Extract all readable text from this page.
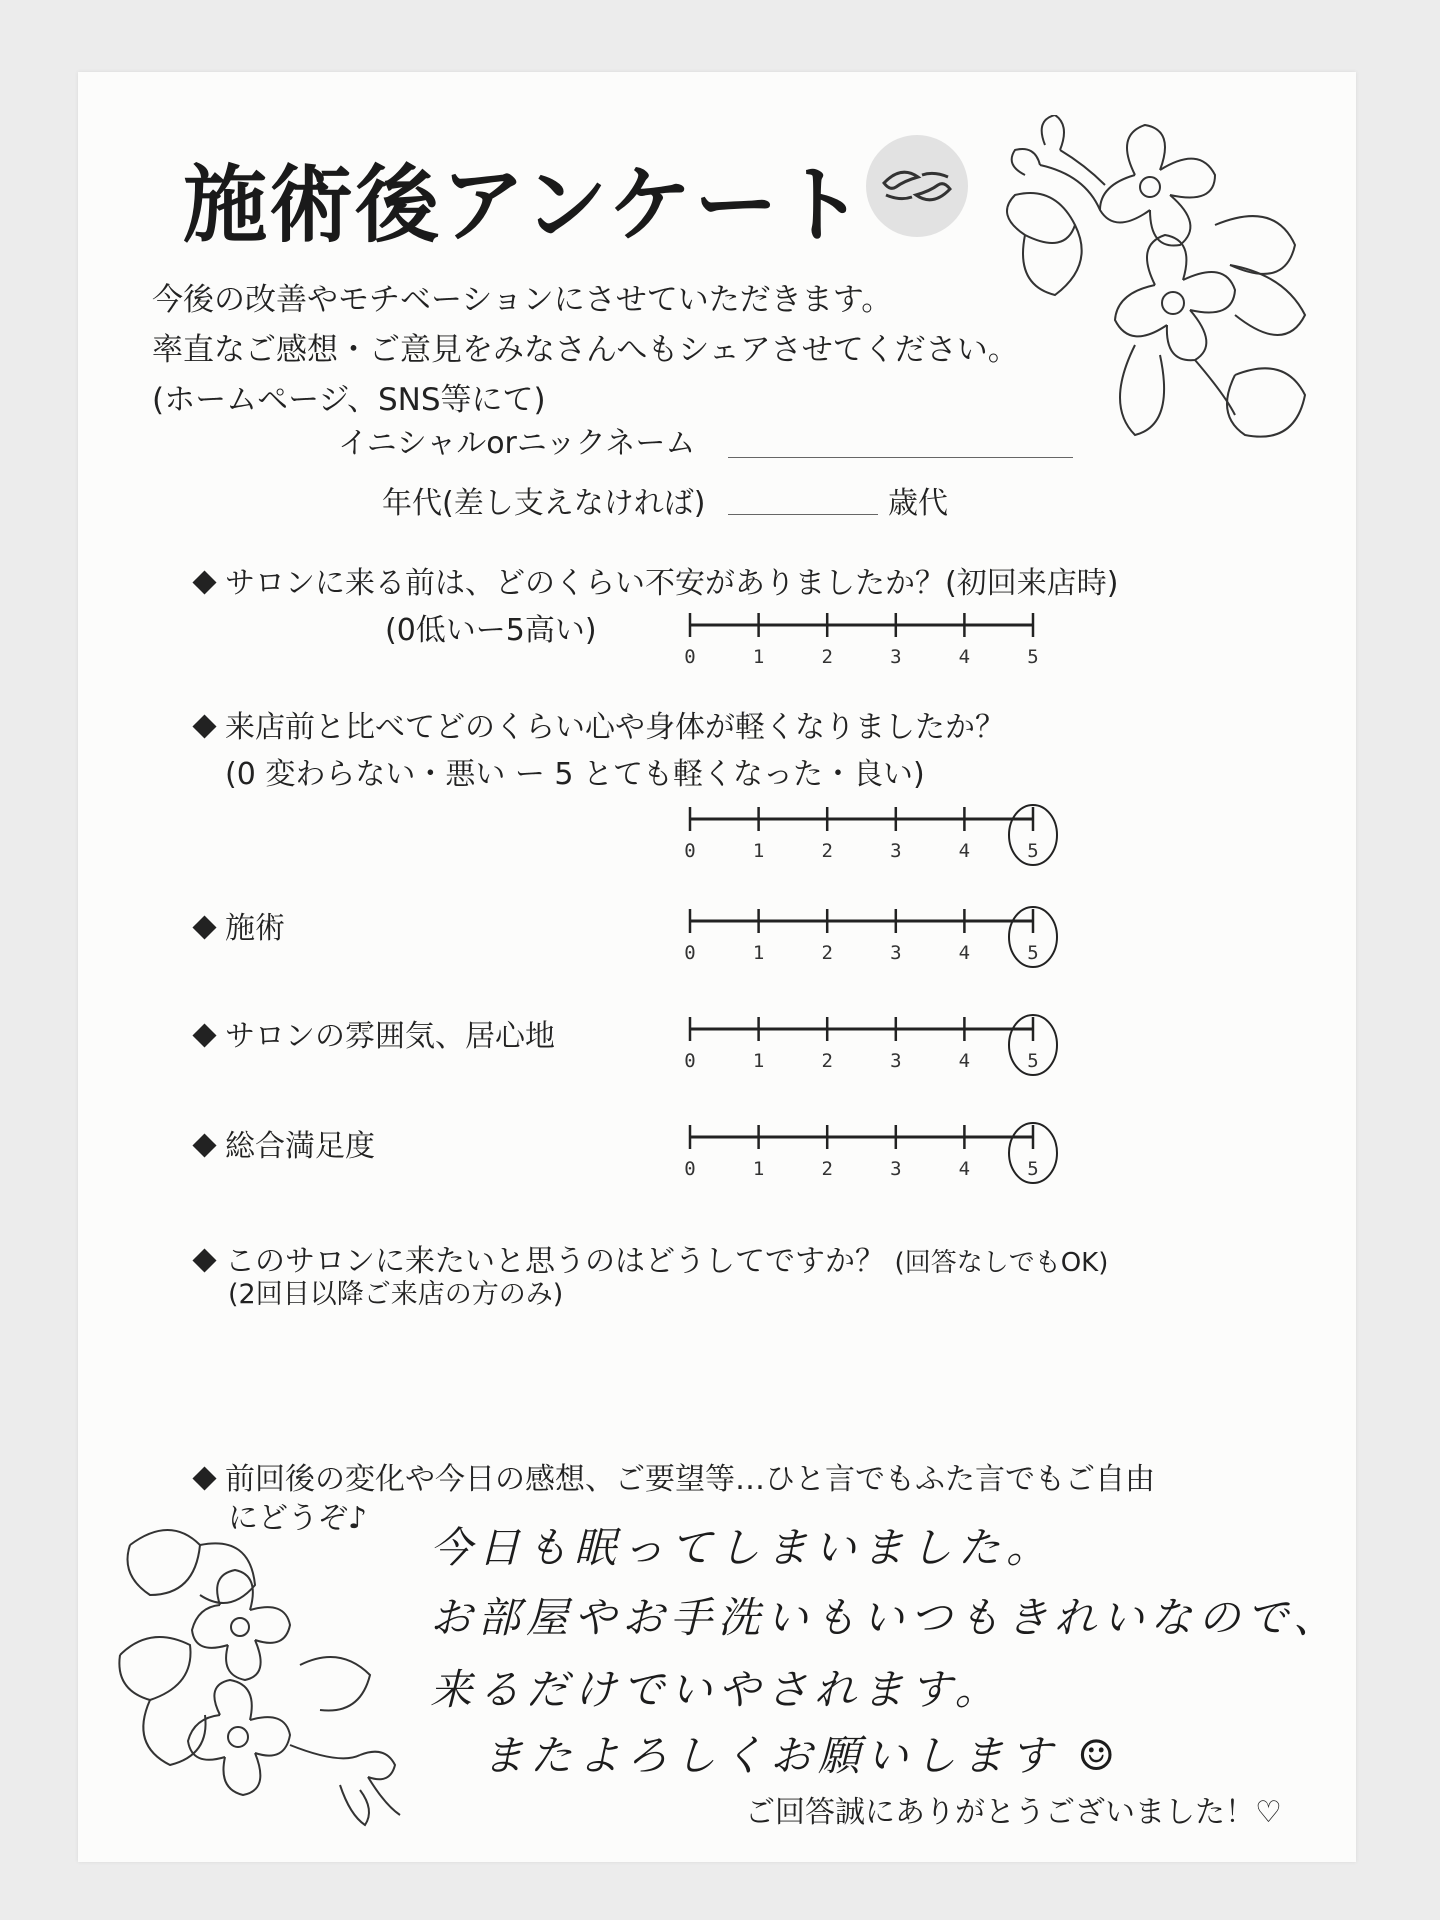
施術後アンケート
今後の改善やモチベーションにさせていただきます。
率直なご感想・ご意見をみなさんへもシェアさせてください。
(ホームページ、SNS等にて)
イニシャルorニックネーム
年代(差し支えなければ)	歳代
サロンに来る前は、どのくらい不安がありましたか？(初回来店時)
(0低いー5高い)
0	1	2	3	4	5
来店前と比べてどのくらい心や身体が軽くなりましたか？
(0 変わらない・悪い ー 5 とても軽くなった・良い)
0	1	2	3	4	5
施術
0	1	2	3	4	5
サロンの雰囲気、居心地
0	1	2	3	4	5
総合満足度
0	1	2	3	4	5
このサロンに来たいと思うのはどうしてですか？ (回答なしでもOK)
(2回目以降ご来店の方のみ)
前回後の変化や今日の感想、ご要望等…ひと言でもふた言でもご自由
にどうぞ♪
今日も眠ってしまいました。
お部屋やお手洗いもいつもきれいなので、
来るだけでいやされます。
またよろしくお願いします ☺
ご回答誠にありがとうございました！♡
